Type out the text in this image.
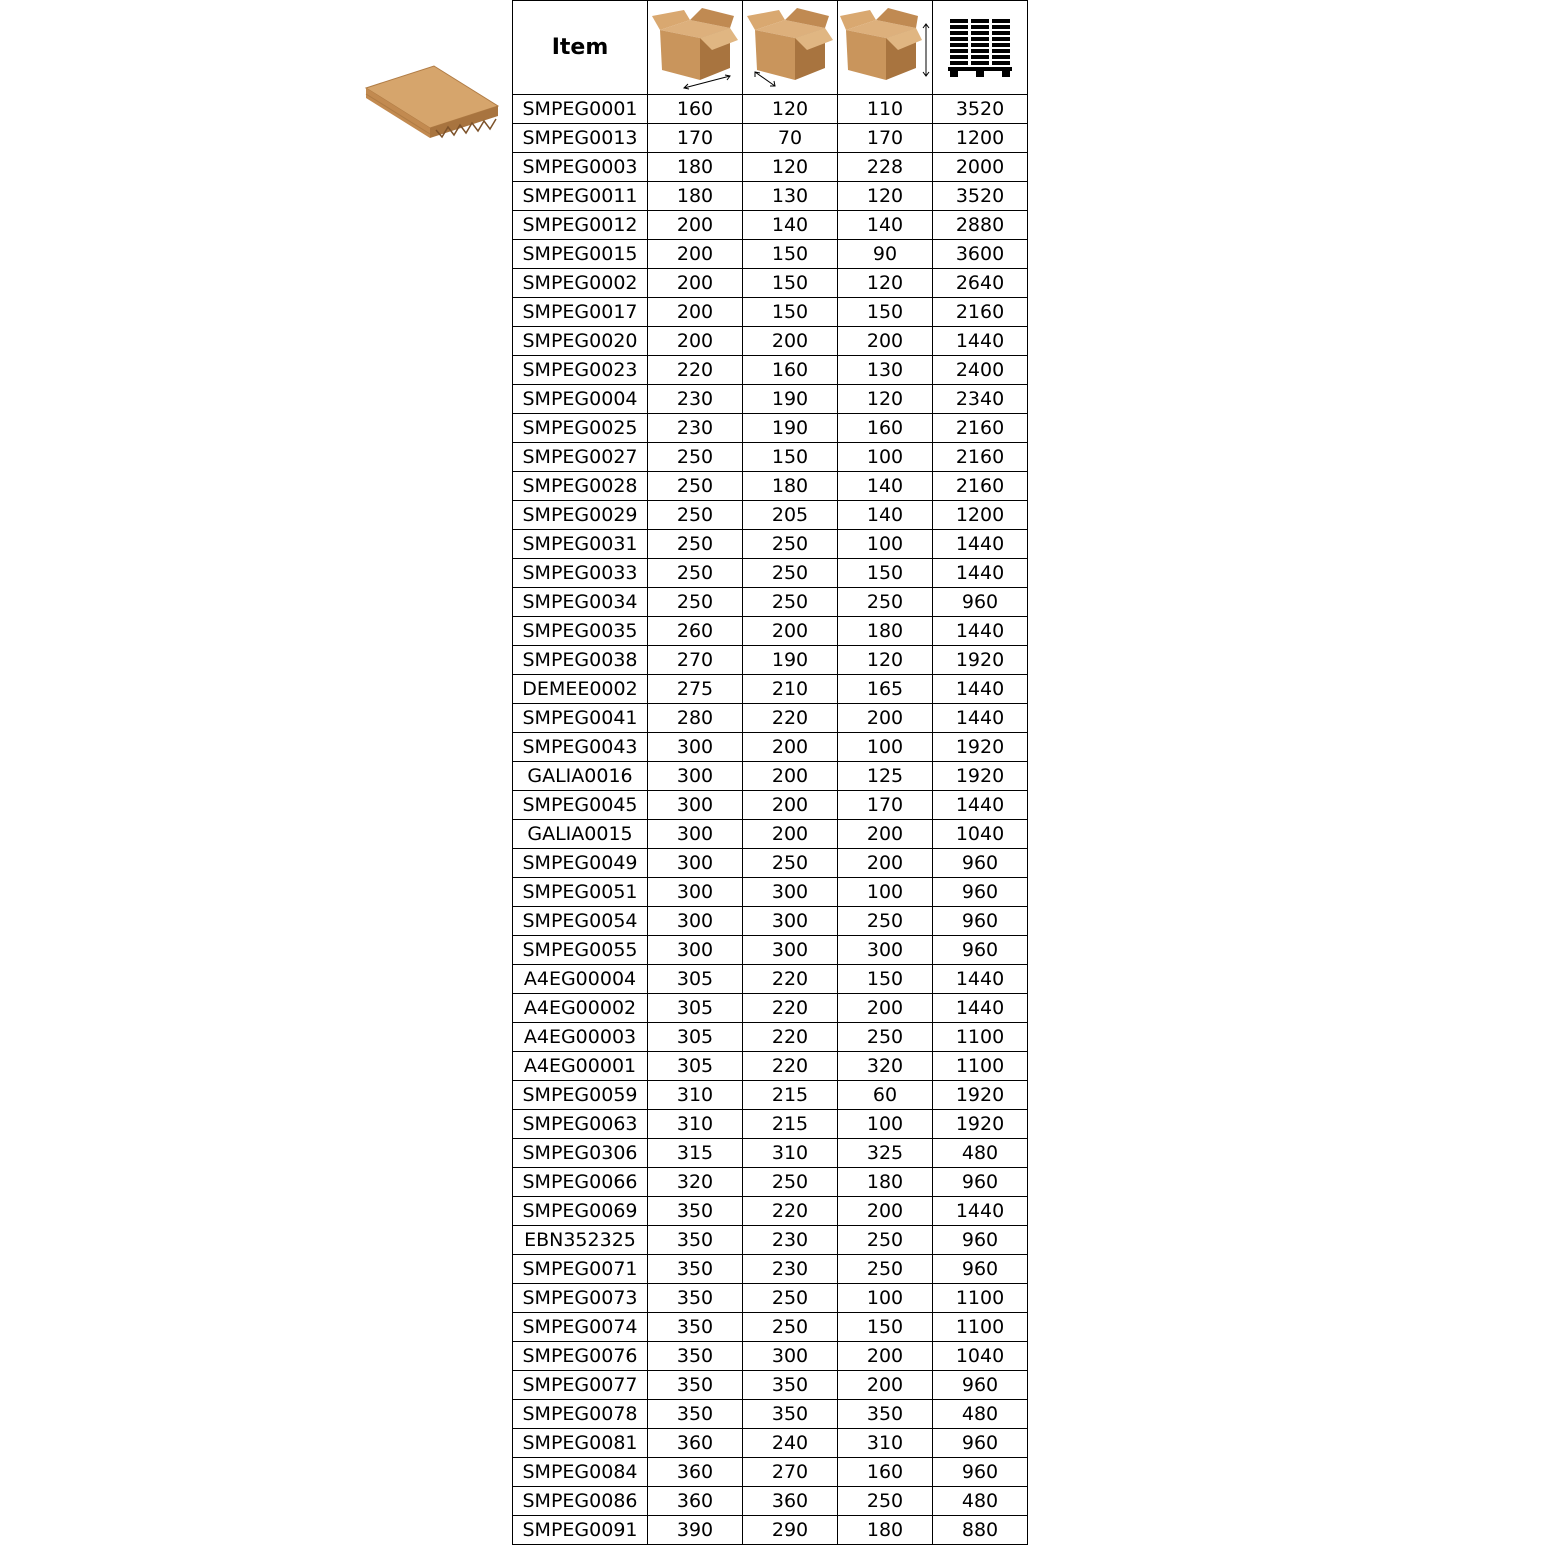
Item	

SMPEG0001	160	120	110	3520
SMPEG0013	170	70	170	1200
SMPEG0003	180	120	228	2000
SMPEG0011	180	130	120	3520
SMPEG0012	200	140	140	2880
SMPEG0015	200	150	90	3600
SMPEG0002	200	150	120	2640
SMPEG0017	200	150	150	2160
SMPEG0020	200	200	200	1440
SMPEG0023	220	160	130	2400
SMPEG0004	230	190	120	2340
SMPEG0025	230	190	160	2160
SMPEG0027	250	150	100	2160
SMPEG0028	250	180	140	2160
SMPEG0029	250	205	140	1200
SMPEG0031	250	250	100	1440
SMPEG0033	250	250	150	1440
SMPEG0034	250	250	250	960
SMPEG0035	260	200	180	1440
SMPEG0038	270	190	120	1920
DEMEE0002	275	210	165	1440
SMPEG0041	280	220	200	1440
SMPEG0043	300	200	100	1920
GALIA0016	300	200	125	1920
SMPEG0045	300	200	170	1440
GALIA0015	300	200	200	1040
SMPEG0049	300	250	200	960
SMPEG0051	300	300	100	960
SMPEG0054	300	300	250	960
SMPEG0055	300	300	300	960
A4EG00004	305	220	150	1440
A4EG00002	305	220	200	1440
A4EG00003	305	220	250	1100
A4EG00001	305	220	320	1100
SMPEG0059	310	215	60	1920
SMPEG0063	310	215	100	1920
SMPEG0306	315	310	325	480
SMPEG0066	320	250	180	960
SMPEG0069	350	220	200	1440
EBN352325	350	230	250	960
SMPEG0071	350	230	250	960
SMPEG0073	350	250	100	1100
SMPEG0074	350	250	150	1100
SMPEG0076	350	300	200	1040
SMPEG0077	350	350	200	960
SMPEG0078	350	350	350	480
SMPEG0081	360	240	310	960
SMPEG0084	360	270	160	960
SMPEG0086	360	360	250	480
SMPEG0091	390	290	180	880
